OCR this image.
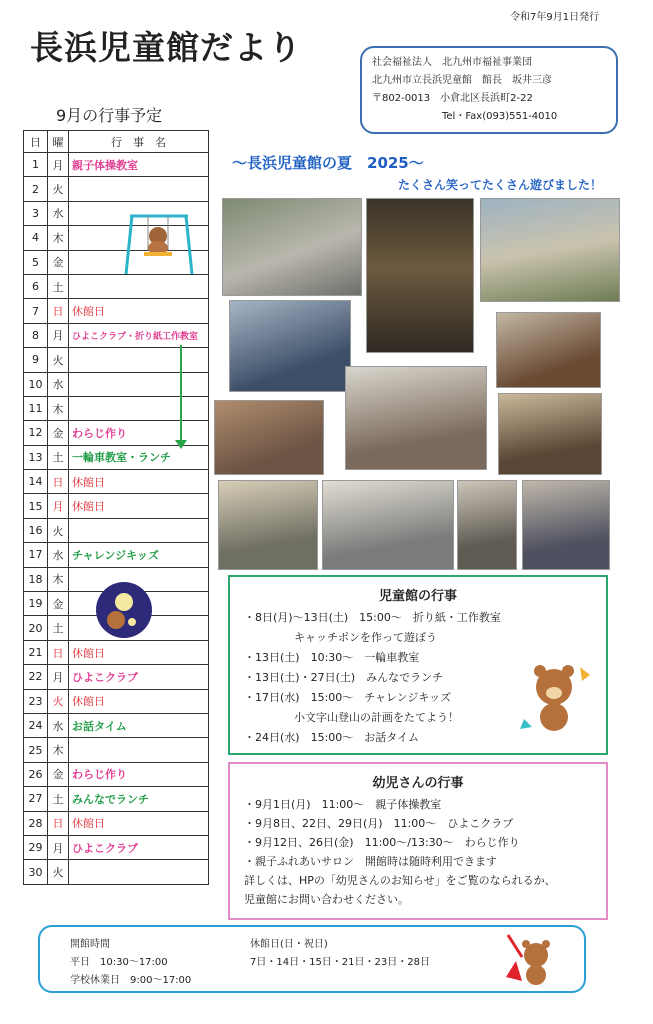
令和7年9月1日発行
長浜児童館だより	社会福祉法人　北九州市福祉事業団
北九州市立長浜児童館　館長　坂井三彦
〒802-0013　小倉北区長浜町2-22
Tel・Fax(093)551-4010
9月の行事予定
日	曜	行　事　名
1	月	親子体操教室
2	火	
3	水	
4	木	
5	金	
6	土	
7	日	休館日
8	月	ひよこクラブ・折り紙工作教室
9	火	
10	水	
11	木	
12	金	わらじ作り
13	土	一輪車教室・ランチ
14	日	休館日
15	月	休館日
16	火	
17	水	チャレンジキッズ
18	木	
19	金	
20	土	
21	日	休館日
22	月	ひよこクラブ
23	火	休館日
24	水	お話タイム
25	木	
26	金	わらじ作り
27	土	みんなでランチ
28	日	休館日
29	月	ひよこクラブ
30	火	
～長浜児童館の夏　2025～
たくさん笑ってたくさん遊びました！
児童館の行事
・8日(月)～13日(土)　15:00～　折り紙・工作教室
キャッチポンを作って遊ぼう
・13日(土)　10:30～　一輪車教室
・13日(土)・27日(土)　みんなでランチ
・17日(水)　15:00～　チャレンジキッズ
小文字山登山の計画をたてよう！
・24日(水)　15:00～　お話タイム
幼児さんの行事
・9月1日(月)　11:00～　親子体操教室
・9月8日、22日、29日(月)　11:00～　ひよこクラブ
・9月12日、26日(金)　11:00～/13:30～　わらじ作り
・親子ふれあいサロン　開館時は随時利用できます
詳しくは、HPの「幼児さんのお知らせ」をご覧のなられるか、
児童館にお問い合わせください。
開館時間
平日　10:30～17:00
学校休業日　9:00～17:00
休館日(日・祝日)
7日・14日・15日・21日・23日・28日
